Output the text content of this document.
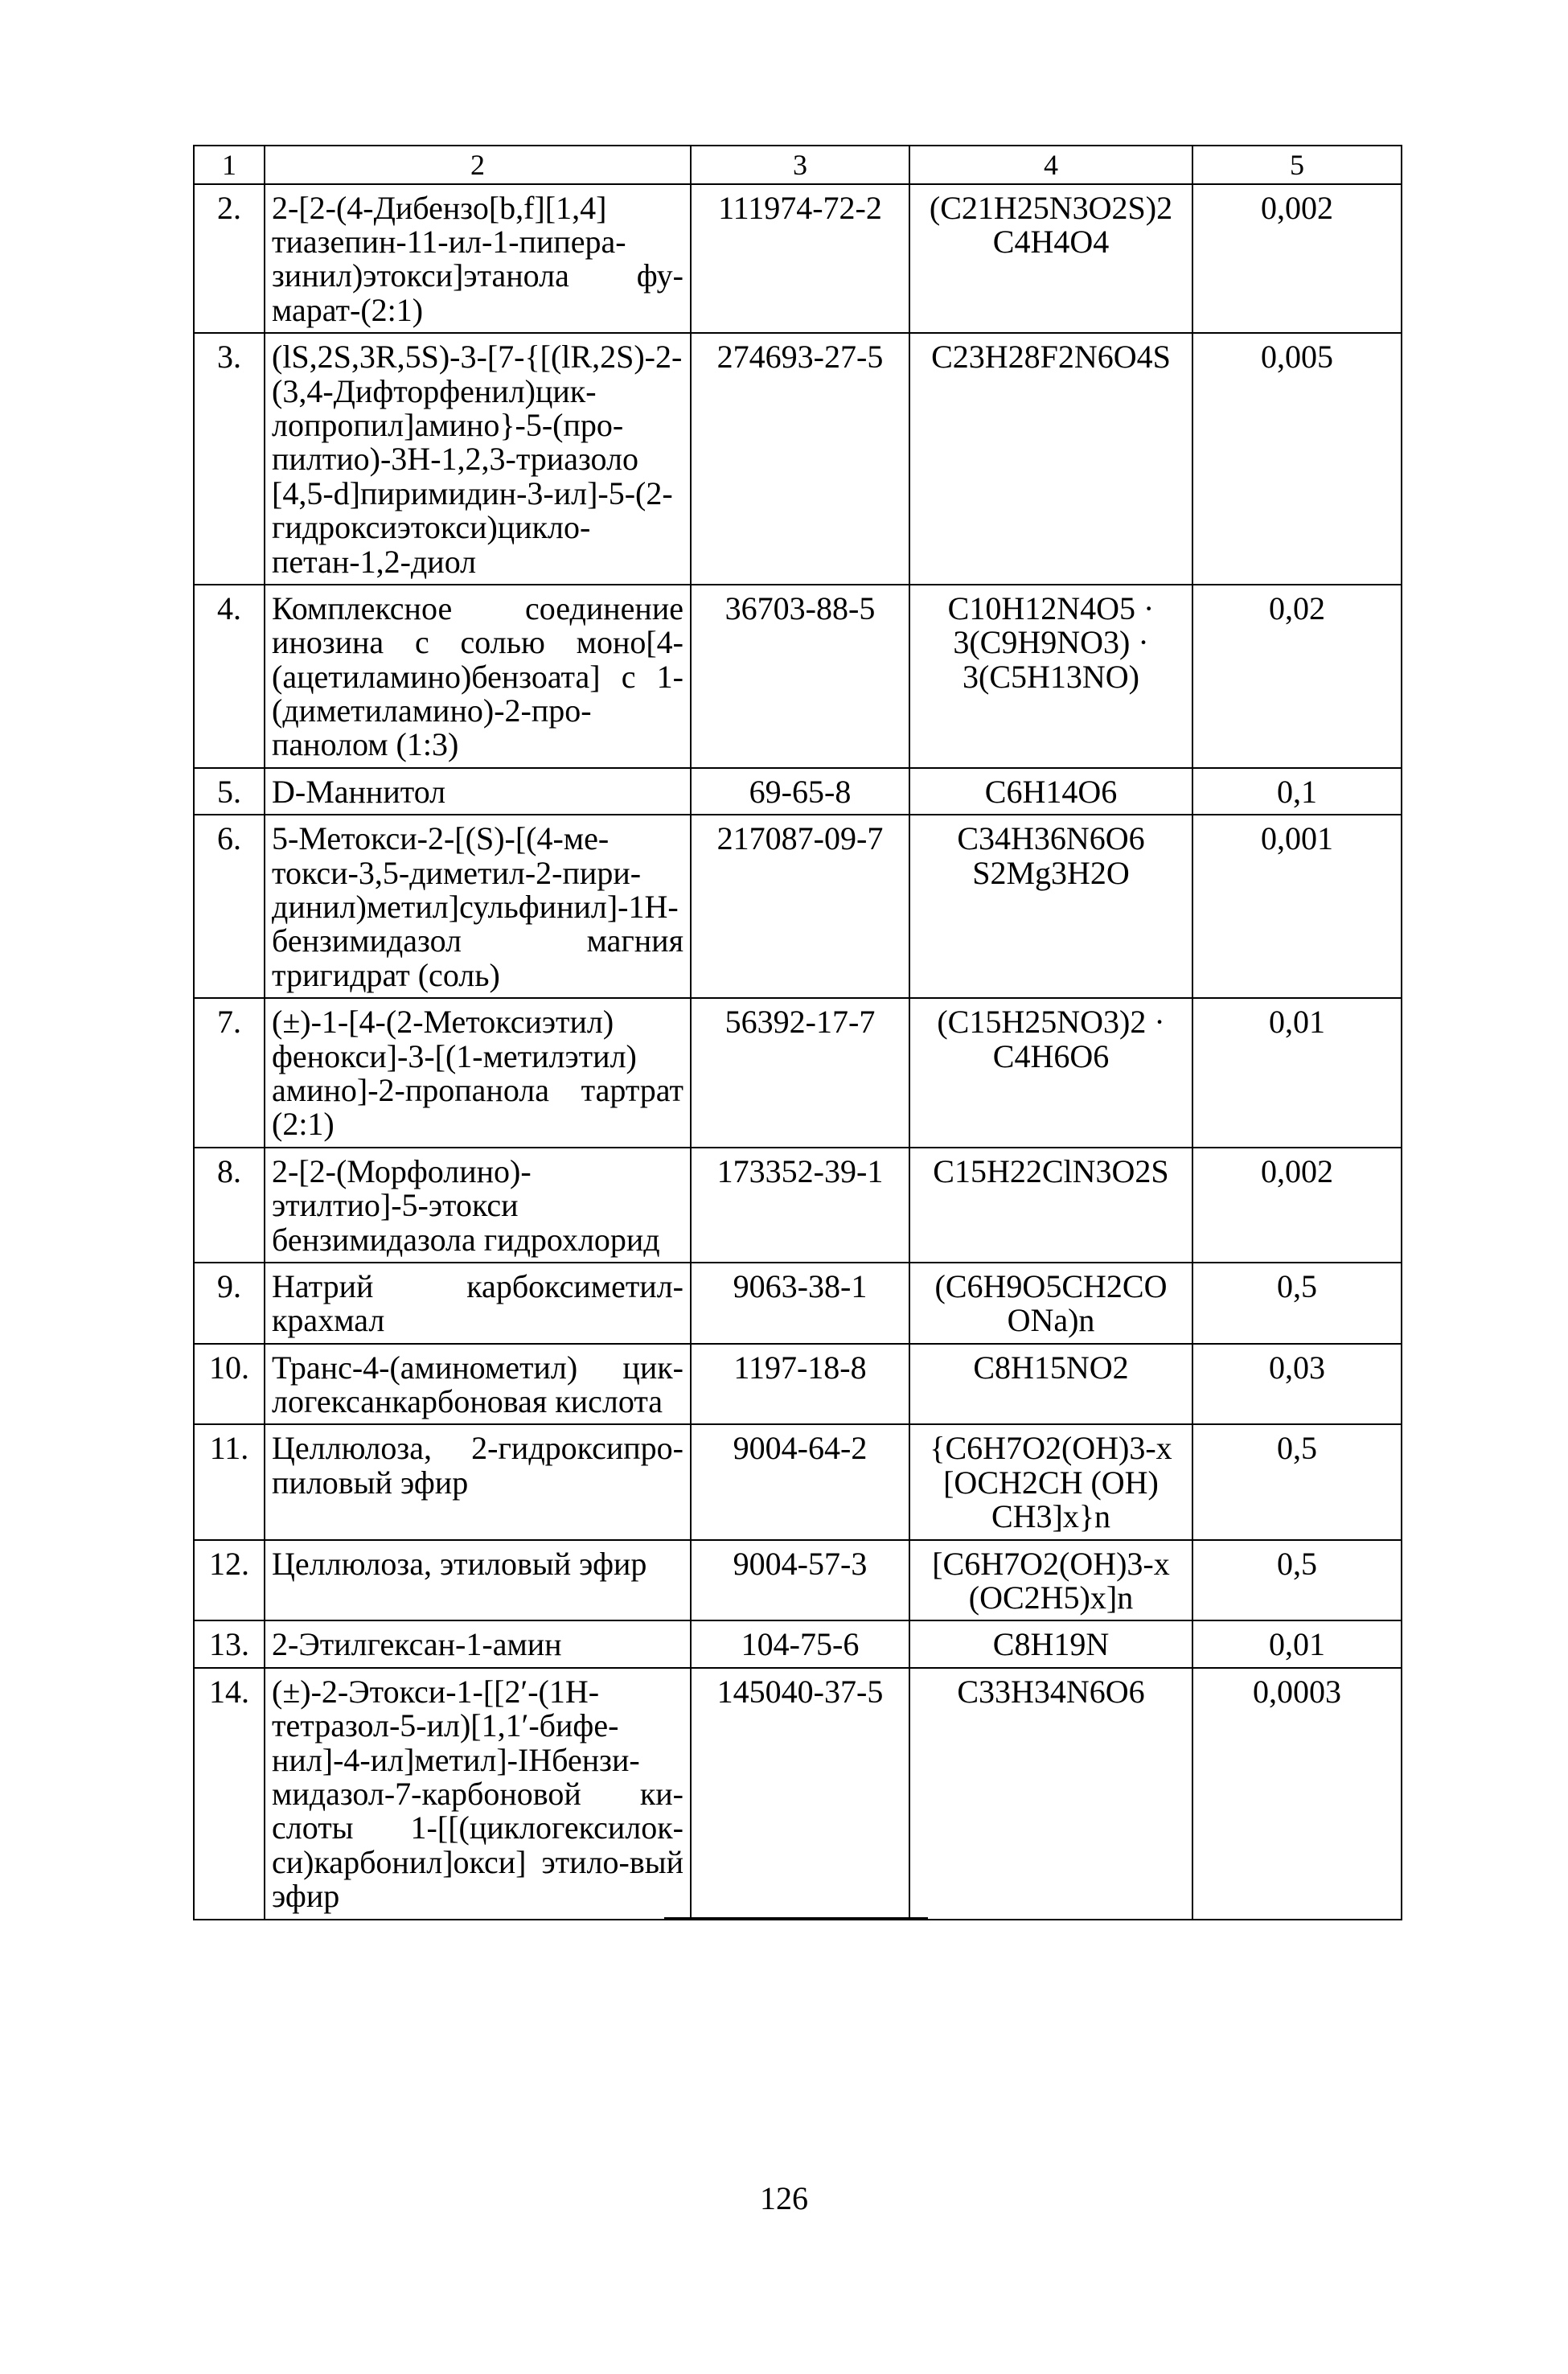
1	2	3	4	5
2.	2-[2-(4-Дибензо[b,f][1,4] тиазепин-11-ил-1-пипера-зинил)этокси]этанола фу-марат-(2:1)	111974-72-2	(C21H25N3O2S)2 C4H4O4	0,002
3.	(lS,2S,3R,5S)-3-[7-{[(lR,2S)-2-(3,4-Дифторфенил)цик-лопропил]амино}-5-(про-пилтио)-3H-1,2,3-триазоло [4,5-d]пиримидин-3-ил]-5-(2-гидроксиэтокси)цикло-петан-1,2-диол	274693-27-5	C23H28F2N6O4S	0,005
4.	Комплексное соединение инозина с солью моно[4-(ацетиламино)бензоата] с 1-(диметиламино)-2-про-панолом (1:3)	36703-88-5	C10H12N4O5 · 3(C9H9NO3) · 3(C5H13NO)	0,02
5.	D-Маннитол	69-65-8	C6H14O6	0,1
6.	5-Метокси-2-[(S)-[(4-ме-токси-3,5-диметил-2-пири-динил)метил]сульфинил]-1H-бензимидазол магния тригидрат (соль)	217087-09-7	C34H36N6O6 S2Mg3H2O	0,001
7.	(±)-1-[4-(2-Метоксиэтил) фенокси]-3-[(1-метилэтил) амино]-2-пропанола тартрат (2:1)	56392-17-7	(C15H25NO3)2 · C4H6O6	0,01
8.	2-[2-(Морфолино)-этилтио]-5-этокси бензимидазола гидрохлорид	173352-39-1	C15H22ClN3O2S	0,002
9.	Натрий карбоксиметил-крахмал	9063-38-1	(C6H9O5CH2CO ONa)n	0,5
10.	Транс-4-(аминометил) цик-логексанкарбоновая кислота	1197-18-8	C8H15NO2	0,03
11.	Целлюлоза, 2-гидроксипро-пиловый эфир	9004-64-2	{C6H7O2(OH)3-x [OCH2CH (OH) CH3]x}n	0,5
12.	Целлюлоза, этиловый эфир	9004-57-3	[C6H7O2(OH)3-x (OC2H5)x]n	0,5
13.	2-Этилгексан-1-амин	104-75-6	C8H19N	0,01
14.	(±)-2-Этокси-1-[[2′-(1H-тетразол-5-ил)[1,1′-бифе-нил]-4-ил]метил]-IHбензи-мидазол-7-карбоновой ки-слоты 1-[[(циклогексилок-си)карбонил]окси] этило-вый эфир	145040-37-5	C33H34N6O6	0,0003
126
